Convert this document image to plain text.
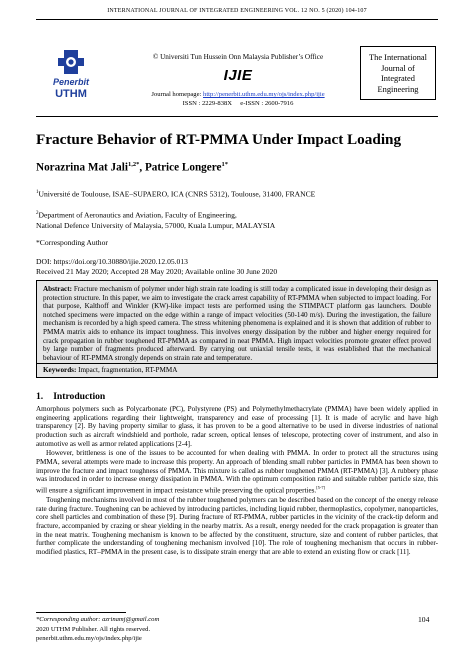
INTERNATIONAL JOURNAL OF INTEGRATED ENGINEERING VOL. 12 NO. 5 (2020) 104-107
Penerbit
UTHM
© Universiti Tun Hussein Onn Malaysia Publisher’s Office
IJIE
Journal homepage: http://penerbit.uthm.edu.my/ojs/index.php/ijie
ISSN : 2229-838X     e-ISSN : 2600-7916
The International
Journal of
Integrated
Engineering
Fracture Behavior of RT-PMMA Under Impact Loading
Norazrina Mat Jali$^{1,2*}$, Patrice Longere$^{1*}$
$^1$Université de Toulouse, ISAE–SUPAERO, ICA (CNRS 5312), Toulouse, 31400, FRANCE
$^2$Department of Aeronautics and Aviation, Faculty of Engineering,
National Defence University of Malaysia, 57000, Kuala Lumpur, MALAYSIA
*Corresponding Author
DOI: https://doi.org/10.30880/ijie.2020.12.05.013
Received 21 May 2020; Accepted 28 May 2020; Available online 30 June 2020
Abstract: Fracture mechanism of polymer under high strain rate loading is still today a complicated issue in developing their design as protection structure. In this paper, we aim to investigate the crack arrest capability of RT-PMMA when subjected to impact loading. For that purpose, Kalthoff and Winkler (KW)-like impact tests are performed using the STIMPACT platform gas launchers. Double notched specimens were impacted on the edge within a range of impact velocities (50-140 m/s). During the investigation, the failure mechanism is recorded by a high speed camera. The stress whitening phenomena is explained and it is shown that addition of rubber to PMMA matrix aids to enhance its impact toughness. This involves energy dissipation by the rubber and higher energy required for crack propagation in rubber toughened RT-PMMA as compared in neat PMMA. High impact velocities promote greater effect proved by large number of fragments produced afterward. By carrying out uniaxial tensile tests, it was established that the mechanical behaviour of RT-PMMA strongly depends on strain rate and temperature.
Keywords: Impact, fragmentation, RT-PMMA
1. Introduction

Amorphous polymers such as Polycarbonate (PC), Polystyrene (PS) and Polymethylmethacrylate (PMMA) have been widely applied in engineering applications regarding their lightweight, transparency and ease of processing [1]. It is made of acrylic and have high transparency [2]. By having property similar to glass, it has proven to be a good alternative to be used in diverse industries of national production such as aircraft windshield and porthole, radar screen, optical lenses of telescope, protecting cover of instrument, and also in automotive as well as armor related applications [2-4].

However, brittleness is one of the issues to be accounted for when dealing with PMMA. In order to protect all the structures using PMMA, several attempts were made to increase this property. An approach of blending small rubber particles in PMMA has been shown to improve the fracture and impact toughness of PMMA. This mixture is called as rubber toughened PMMA (RT-PMMA) [3]. A rubbery phase was introduced in order to increase energy dissipation in PMMA. With the optimum composition ratio and suitable rubber particle size, this will ensure a significant improvement in impact resistance while preserving the optical properties.[5-7]

Toughening mechanisms involved in most of the rubber toughened polymers can be described based on the concept of the energy release rate during fracture. Toughening can be achieved by introducing particles, including liquid rubber, thermoplastics, copolymer, nanoparticles, core shell particles and combination of these [9]. During fracture of RT-PMMA, rubber particles in the vicinity of the crack-tip deform and fracture, accompanied by crazing or shear yielding in the nearby matrix. As a result, energy needed for the crack propagation is greater than in the neat matrix. Toughening mechanism is known to be affected by the constituent, structure, size and content of rubber particles, that further complicate the understanding of toughening mechanism involved [10]. The role of toughening mechanism that occurs in rubber-modified plastics, RT–PMMA in the present case, is to dissipate strain energy that are able to extend an existing flow or crack [11].

*Corresponding author: azrinamj@gmail.com
2020 UTHM Publisher. All rights reserved.
penerbit.uthm.edu.my/ojs/index.php/ijie
104
